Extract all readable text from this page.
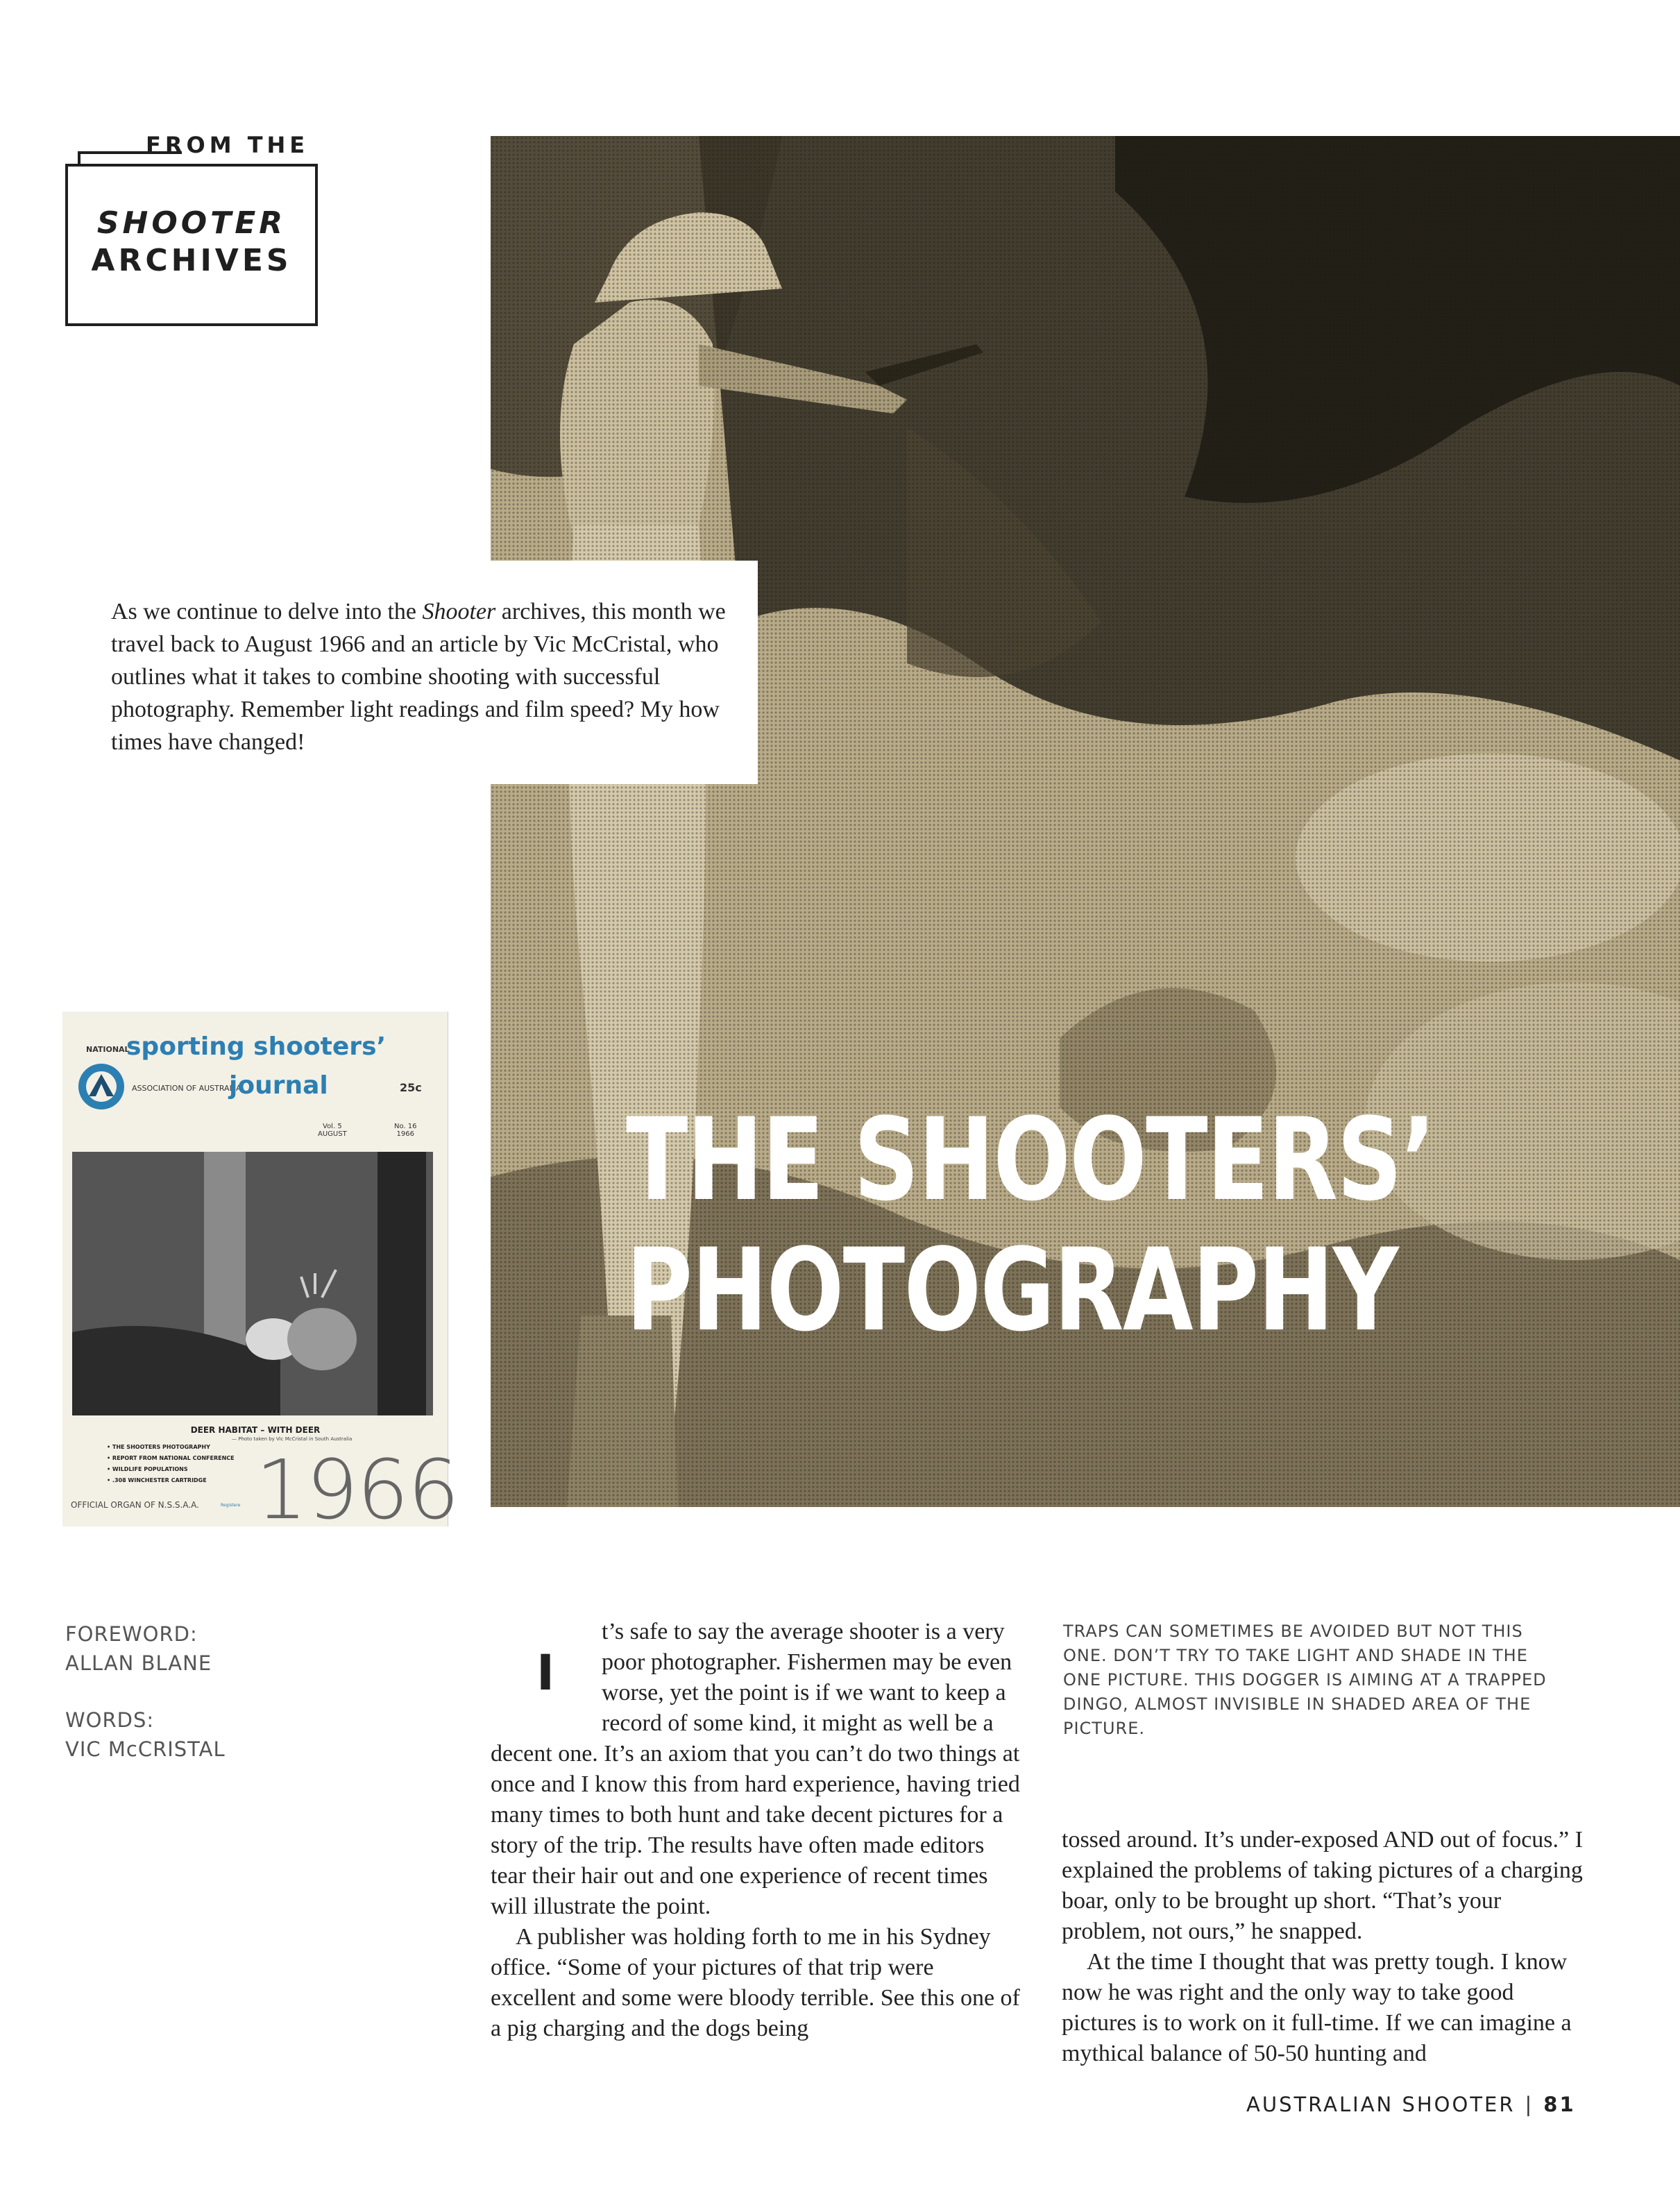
FROM THE
SHOOTER
ARCHIVES
THE SHOOTERS’
PHOTOGRAPHY

As we continue to delve into the Shooter archives, this month we travel back to August 1966 and an article by Vic McCristal, who outlines what it takes to combine shooting with successful photography. Remember light readings and film speed? My how times have changed!

NATIONAL
sporting shooters’
ASSOCIATION OF AUSTRALIA
journal	25c
Vol. 5
AUGUST
No. 16
1966
DEER HABITAT – WITH DEER
— Photo taken by Vic McCristal in South Australia
• THE SHOOTERS PHOTOGRAPHY
• REPORT FROM NATIONAL CONFERENCE
• WILDLIFE POPULATIONS
• .308 WINCHESTER CARTRIDGE
OFFICIAL ORGAN OF N.S.S.A.A.	Registere 1966
FOREWORD:
ALLAN BLANE
WORDS:
VIC McCRISTAL
I

t’s safe to say the average shooter is a very poor photographer. Fishermen may be even worse, yet the point is if we want to keep a record of some kind, it might as well be a decent one. It’s an axiom that you can’t do two things at once and I know this from hard experience, having tried many times to both hunt and take decent pictures for a story of the trip. The results have often made editors tear their hair out and one experience of recent times will illustrate the point.

A publisher was holding forth to me in his Sydney office. “Some of your pictures of that trip were excellent and some were bloody terrible. See this one of a pig charging and the dogs being

TRAPS CAN SOMETIMES BE AVOIDED BUT NOT THIS ONE. DON’T TRY TO TAKE LIGHT AND SHADE IN THE ONE PICTURE. THIS DOGGER IS AIMING AT A TRAPPED DINGO, ALMOST INVISIBLE IN SHADED AREA OF THE PICTURE.

tossed around. It’s under-exposed AND out of focus.” I explained the problems of taking pictures of a charging boar, only to be brought up short. “That’s your problem, not ours,” he snapped.

At the time I thought that was pretty tough. I know now he was right and the only way to take good pictures is to work on it full-time. If we can imagine a mythical balance of 50-50 hunting and

AUSTRALIAN SHOOTER | 81
